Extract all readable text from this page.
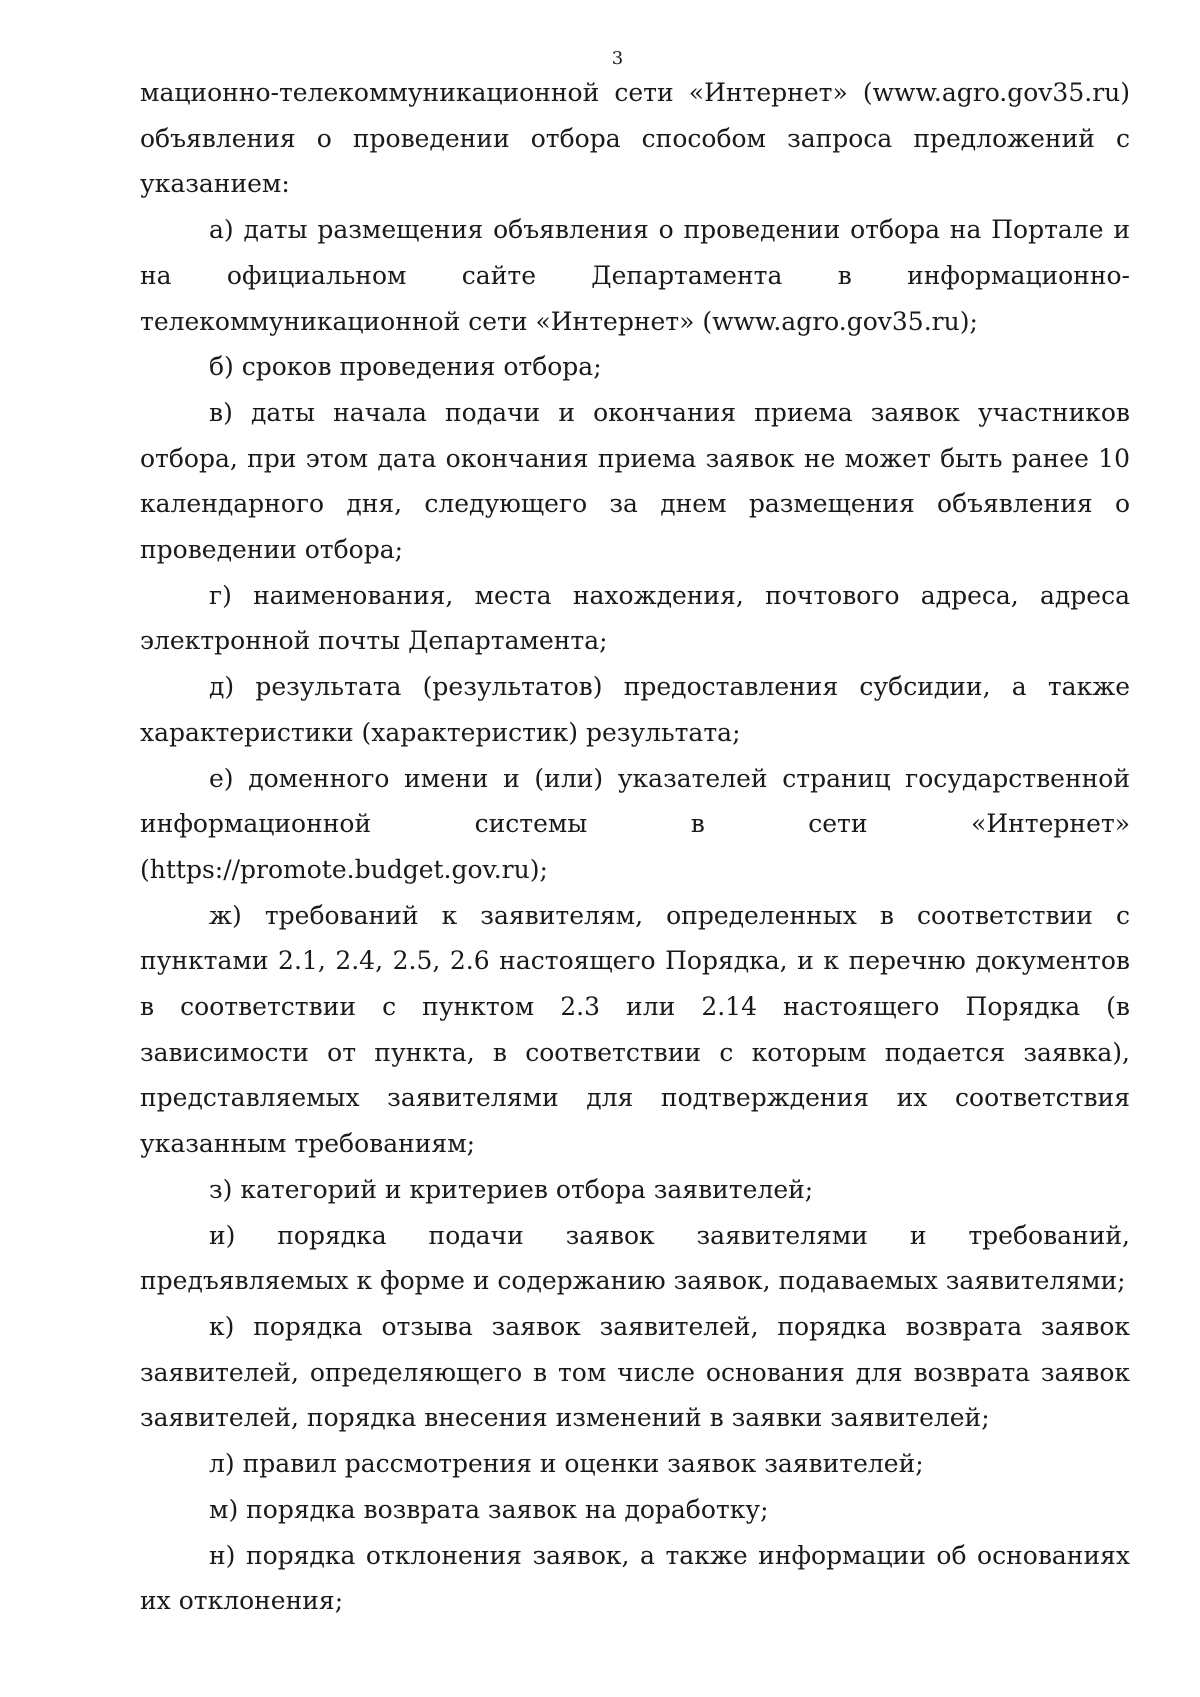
3

мационно-телекоммуникационной сети «Интернет» (www.agro.gov35.ru) объявления о проведении отбора способом запроса предложений с указанием:

а) даты размещения объявления о проведении отбора на Портале и на официальном сайте Департамента в информационно-телекоммуникационной сети «Интернет» (www.agro.gov35.ru);

б) сроков проведения отбора;

в) даты начала подачи и окончания приема заявок участников отбора, при этом дата окончания приема заявок не может быть ранее 10 календарного дня, следующего за днем размещения объявления о проведении отбора;

г) наименования, места нахождения, почтового адреса, адреса электронной почты Департамента;

д) результата (результатов) предоставления субсидии, а также характеристики (характеристик) результата;

е) доменного имени и (или) указателей страниц государственной информационной системы в сети «Интернет» (https://promote.budget.gov.ru);

ж) требований к заявителям, определенных в соответствии с пунктами 2.1, 2.4, 2.5, 2.6 настоящего Порядка, и к перечню документов в соответствии с пунктом 2.3 или 2.14 настоящего Порядка (в зависимости от пункта, в соответствии с которым подается заявка), представляемых заявителями для подтверждения их соответствия указанным требованиям;

з) категорий и критериев отбора заявителей;

и) порядка подачи заявок заявителями и требований, предъявляемых к форме и содержанию заявок, подаваемых заявителями;

к) порядка отзыва заявок заявителей, порядка возврата заявок заявителей, определяющего в том числе основания для возврата заявок заявителей, порядка внесения изменений в заявки заявителей;

л) правил рассмотрения и оценки заявок заявителей;

м) порядка возврата заявок на доработку;

н) порядка отклонения заявок, а также информации об основаниях их отклонения;
